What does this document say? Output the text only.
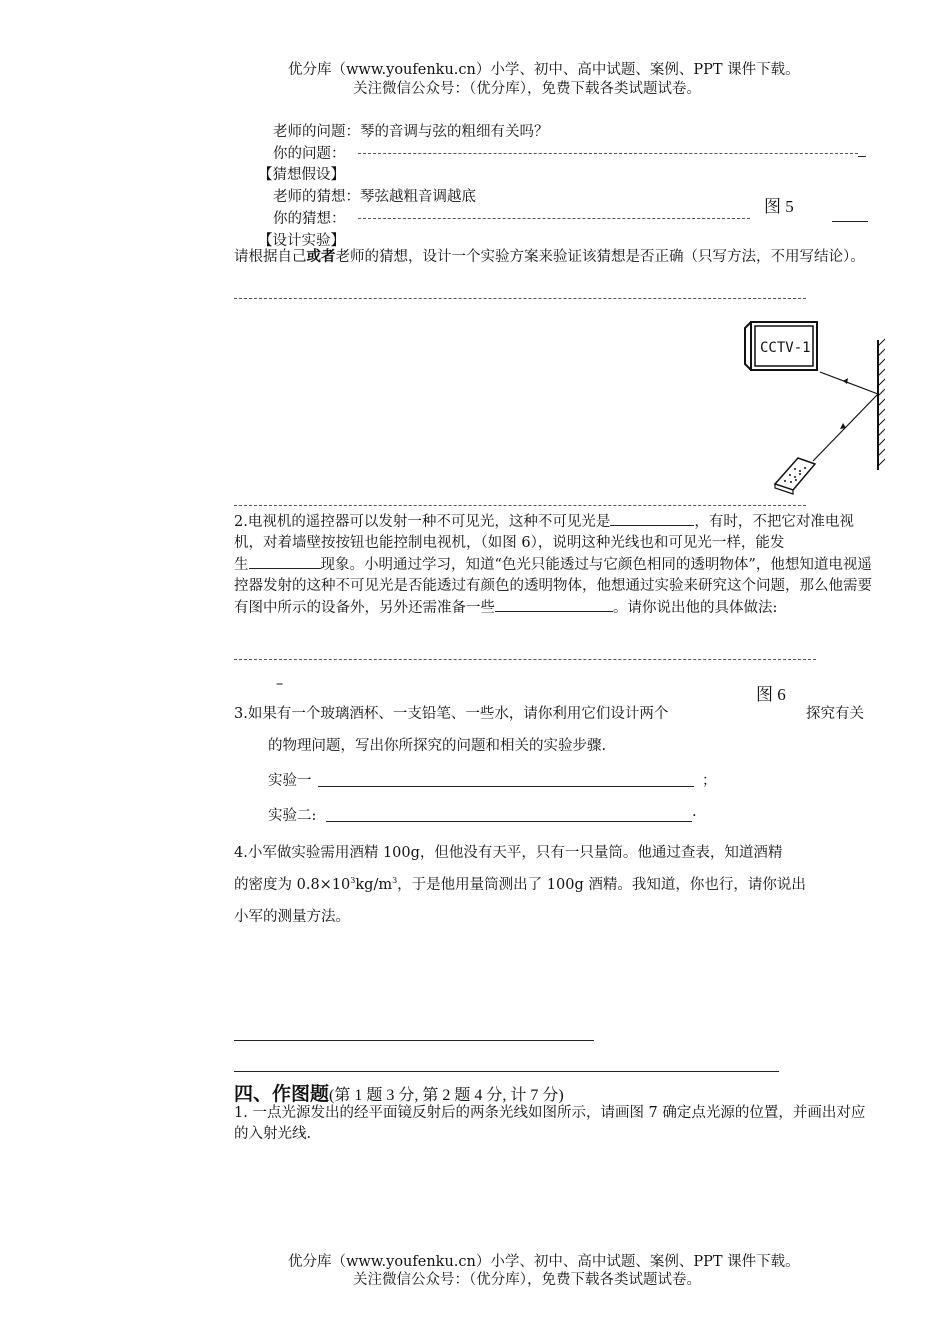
优分库（www.youfenku.cn）小学、初中、高中试题、案例、PPT 课件下载。
关注微信公众号：（优分库），免费下载各类试题试卷。
老师的问题：琴的音调与弦的粗细有关吗？
你的问题：
【猜想假设】
老师的猜想：琴弦越粗音调越底	图 5
你的猜想：
【设计实验】
请根据自己或者老师的猜想，设计一个实验方案来验证该猜想是否正确（只写方法，不用写结论）。
CCTV-1
2.电视机的遥控器可以发射一种不可见光，这种不可见光是	，有时，不把它对准电视机，对着墙壁按按钮也能控制电视机，（如图 6），说明这种光线也和可见光一样，能发
生	现象。小明通过学习，知道“色光只能透过与它颜色相同的透明物体”，他想知道电视遥控器发射的这种不可见光是否能透过有颜色的透明物体，他想通过实验来研究这个问题，那么他需要有图中所示的设备外，另外还需准备一些	。请你说出他的具体做法:
–
图 6
3.如果有一个玻璃酒杯、一支铅笔、一些水，请你利用它们设计两个	探究有关
的物理问题，写出你所探究的问题和相关的实验步骤.
实验一	；
实验二:	.
4.小军做实验需用酒精 100g，但他没有天平，只有一只量筒。他通过查表，知道酒精
的密度为 $0.8\times 10^3kg/m^3$，于是他用量筒测出了 100g 酒精。我知道，你也行，请你说出
小军的测量方法。
四、作图题(第 1 题 3 分, 第 2 题 4 分, 计 7 分)
1. 一点光源发出的经平面镜反射后的两条光线如图所示，请画图 7 确定点光源的位置，并画出对应的入射光线.
优分库（www.youfenku.cn）小学、初中、高中试题、案例、PPT 课件下载。
关注微信公众号：（优分库），免费下载各类试题试卷。
